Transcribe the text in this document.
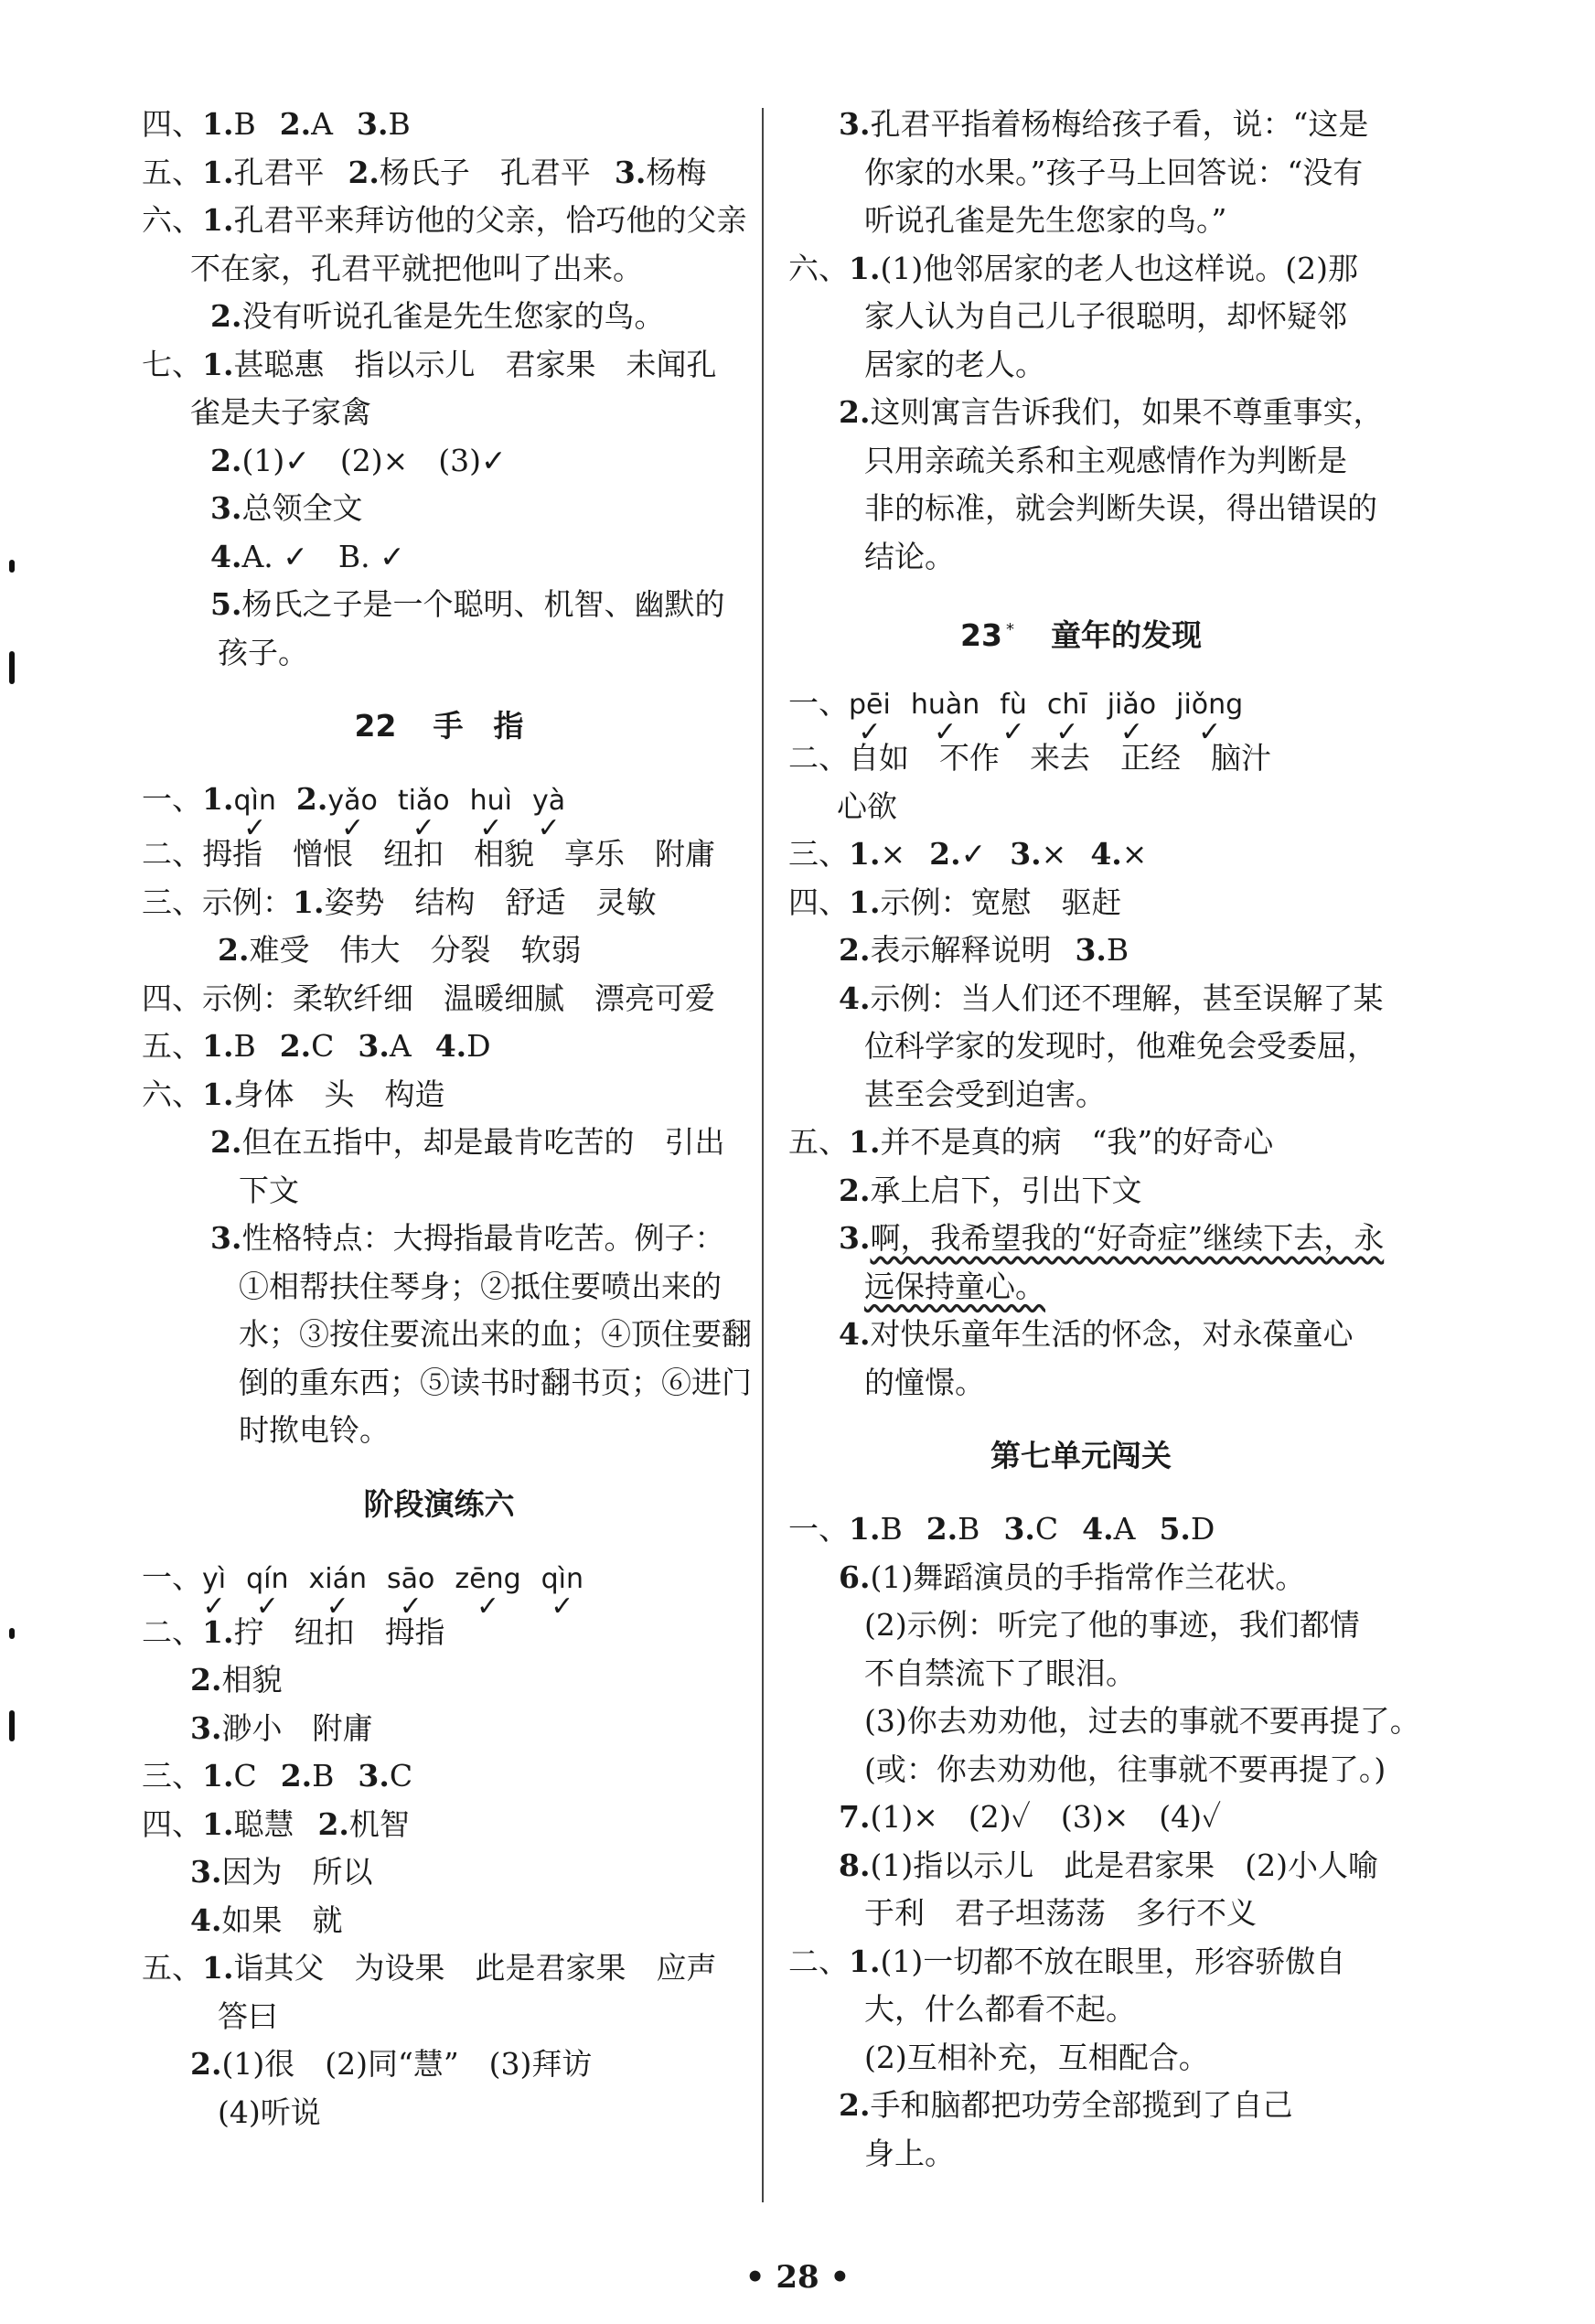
四、1.B 2.A 3.B
五、1.孔君平 2.杨氏子　孔君平 3.杨梅
六、1.孔君平来拜访他的父亲，恰巧他的父亲
不在家，孔君平就把他叫了出来。
2.没有听说孔雀是先生您家的鸟。
七、1.甚聪惠　指以示儿　君家果　未闻孔
雀是夫子家禽
2.(1)✓　(2)×　(3)✓
3.总领全文
4.A. ✓　B. ✓
5.杨氏之子是一个聪明、机智、幽默的
孩子。
22 手　指
一、1.qìn
✓
2.yǎo
✓
tiǎo
✓
huì
✓
yà
✓
二、拇指　憎恨　纽扣　相貌　享乐　附庸
三、示例：1.姿势　结构　舒适　灵敏
2.难受　伟大　分裂　软弱
四、示例：柔软纤细　温暖细腻　漂亮可爱
五、1.B 2.C 3.A 4.D
六、1.身体　头　构造
2.但在五指中，却是最肯吃苦的　引出
下文
3.性格特点：大拇指最肯吃苦。例子：
①相帮扶住琴身；②抵住要喷出来的
水；③按住要流出来的血；④顶住要翻
倒的重东西；⑤读书时翻书页；⑥进门
时揿电铃。
阶段演练六
一、yì
✓
qín
✓
xián
✓
sāo
✓
zēng
✓
qìn
✓
二、1.拧　纽扣　拇指
2.相貌
3.渺小　附庸
三、1.C 2.B 3.C
四、1.聪慧 2.机智
3.因为　所以
4.如果　就
五、1.诣其父　为设果　此是君家果　应声
答曰
2.(1)很　(2)同“慧”　(3)拜访
(4)听说
3.孔君平指着杨梅给孩子看，说：“这是
你家的水果。”孩子马上回答说：“没有
听说孔雀是先生您家的鸟。”
六、1.(1)他邻居家的老人也这样说。(2)那
家人认为自己儿子很聪明，却怀疑邻
居家的老人。
2.这则寓言告诉我们，如果不尊重事实，
只用亲疏关系和主观感情作为判断是
非的标准，就会判断失误，得出错误的
结论。
23 * 童年的发现
一、pēi
✓
huàn
✓
fù
✓
chī
✓
jiǎo
✓
jiǒng
✓
二、自如　不作　来去　正经　脑汁
心欲
三、1.× 2.✓ 3.× 4.×
四、1.示例：宽慰　驱赶
2.表示解释说明 3.B
4.示例：当人们还不理解，甚至误解了某
位科学家的发现时，他难免会受委屈，
甚至会受到迫害。
五、1.并不是真的病　“我”的好奇心
2.承上启下，引出下文
3.啊，我希望我的“好奇症”继续下去，永
远保持童心。
4.对快乐童年生活的怀念，对永葆童心
的憧憬。
第七单元闯关
一、1.B 2.B 3.C 4.A 5.D
6.(1)舞蹈演员的手指常作兰花状。
(2)示例：听完了他的事迹，我们都情
不自禁流下了眼泪。
(3)你去劝劝他，过去的事就不要再提了。
(或：你去劝劝他，往事就不要再提了。)
7.(1)×　(2)✓　(3)×　(4)✓
8.(1)指以示儿　此是君家果　(2)小人喻
于利　君子坦荡荡　多行不义
二、1.(1)一切都不放在眼里，形容骄傲自
大，什么都看不起。
(2)互相补充，互相配合。
2.手和脑都把功劳全部揽到了自己
身上。
• 28 •
